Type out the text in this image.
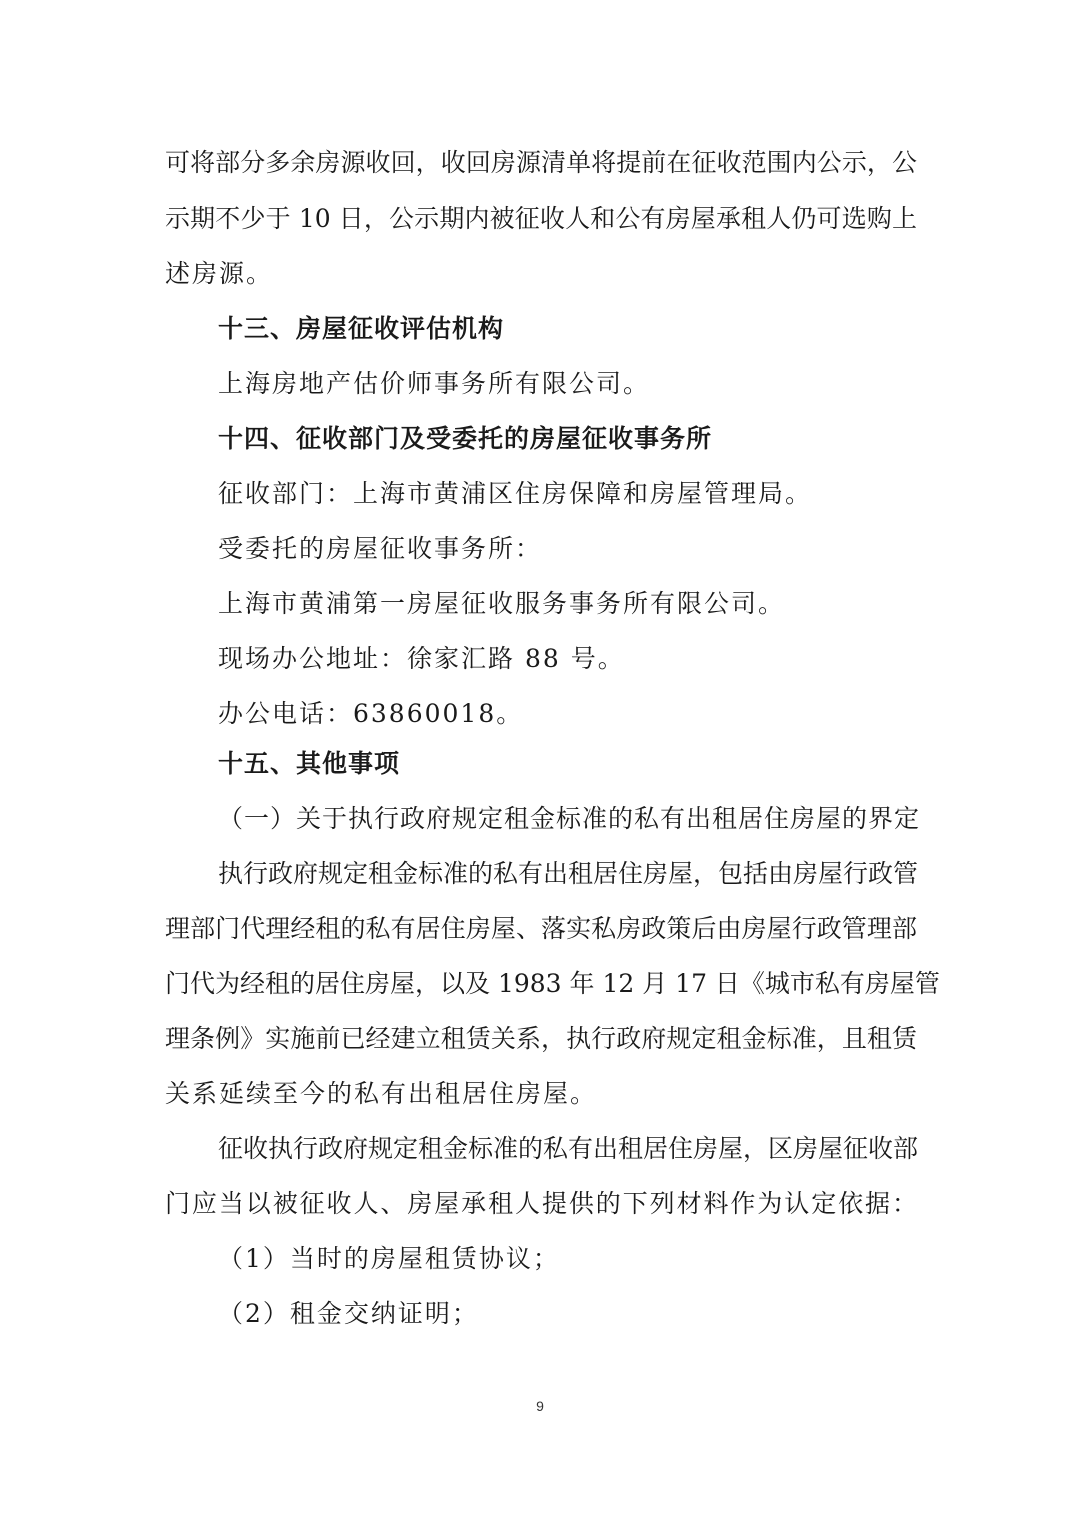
可将部分多余房源收回，收回房源清单将提前在征收范围内公示，公
示期不少于 10 日，公示期内被征收人和公有房屋承租人仍可选购上
述房源。
十三、房屋征收评估机构
上海房地产估价师事务所有限公司。
十四、征收部门及受委托的房屋征收事务所
征收部门：上海市黄浦区住房保障和房屋管理局。
受委托的房屋征收事务所：
上海市黄浦第一房屋征收服务事务所有限公司。
现场办公地址：徐家汇路 88 号。
办公电话：63860018。
十五、其他事项
（一）关于执行政府规定租金标准的私有出租居住房屋的界定
执行政府规定租金标准的私有出租居住房屋，包括由房屋行政管
理部门代理经租的私有居住房屋、落实私房政策后由房屋行政管理部
门代为经租的居住房屋，以及 1983 年 12 月 17 日《城市私有房屋管
理条例》实施前已经建立租赁关系，执行政府规定租金标准，且租赁
关系延续至今的私有出租居住房屋。
征收执行政府规定租金标准的私有出租居住房屋，区房屋征收部
门应当以被征收人、房屋承租人提供的下列材料作为认定依据：
（1）当时的房屋租赁协议；
（2）租金交纳证明；
9
